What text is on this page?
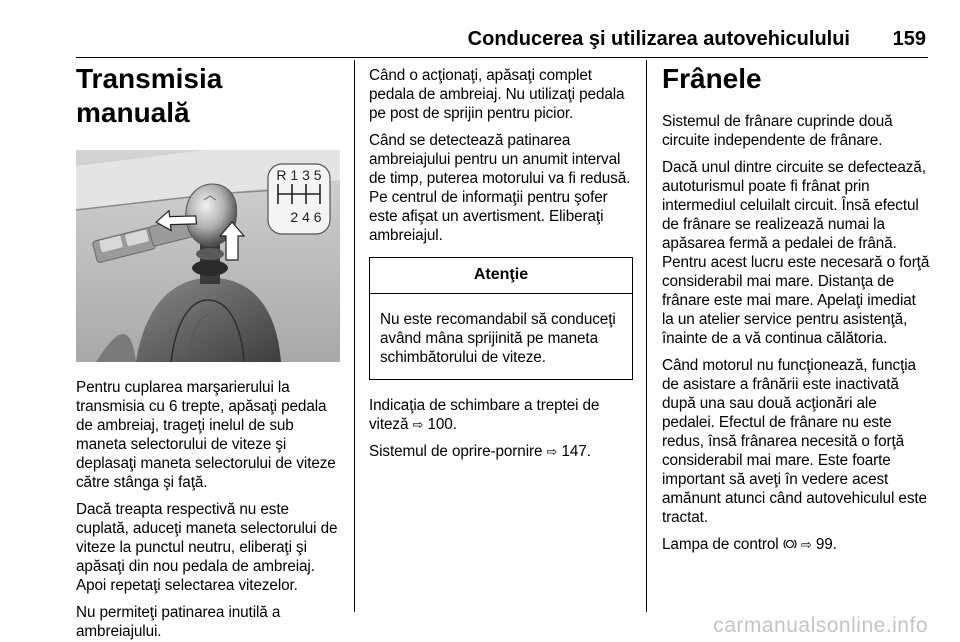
Conducerea şi utilizarea autovehiculului 159
Transmisia manuală
R 1 3 5
2 4 6

Pentru cuplarea marşarierului la transmisia cu 6 trepte, apăsaţi pedala de ambreiaj, trageţi inelul de sub maneta selectorului de viteze şi deplasaţi maneta selectorului de viteze către stânga şi faţă.

Dacă treapta respectivă nu este cuplată, aduceţi maneta selectorului de viteze la punctul neutru, eliberaţi şi apăsaţi din nou pedala de ambreiaj. Apoi repetaţi selectarea vitezelor.

Nu permiteţi patinarea inutilă a ambreiajului.

Când o acţionaţi, apăsaţi complet pedala de ambreiaj. Nu utilizaţi pedala pe post de sprijin pentru picior.

Când se detectează patinarea ambreiajului pentru un anumit interval de timp, puterea motorului va fi redusă. Pe centrul de informaţii pentru şofer este afişat un avertisment. Eliberaţi ambreiajul.

Atenţie

Nu este recomandabil să conduceţi având mâna sprijinită pe maneta schimbătorului de viteze.

Indicaţia de schimbare a treptei de viteză ⇨ 100.

Sistemul de oprire-pornire ⇨ 147.

Frânele

Sistemul de frânare cuprinde două circuite independente de frânare.

Dacă unul dintre circuite se defectează, autoturismul poate fi frânat prin intermediul celuilalt circuit. Însă efectul de frânare se realizează numai la apăsarea fermă a pedalei de frână. Pentru acest lucru este necesară o forţă considerabil mai mare. Distanţa de frânare este mai mare. Apelaţi imediat la un atelier service pentru asistenţă, înainte de a vă continua călătoria.

Când motorul nu funcţionează, funcţia de asistare a frânării este inactivată după una sau două acţionări ale pedalei. Efectul de frânare nu este redus, însă frânarea necesită o forţă considerabil mai mare. Este foarte important să aveţi în vedere acest amănunt atunci când autovehiculul este tractat.

Lampa de control ⇨ 99.

carmanualsonline.info
